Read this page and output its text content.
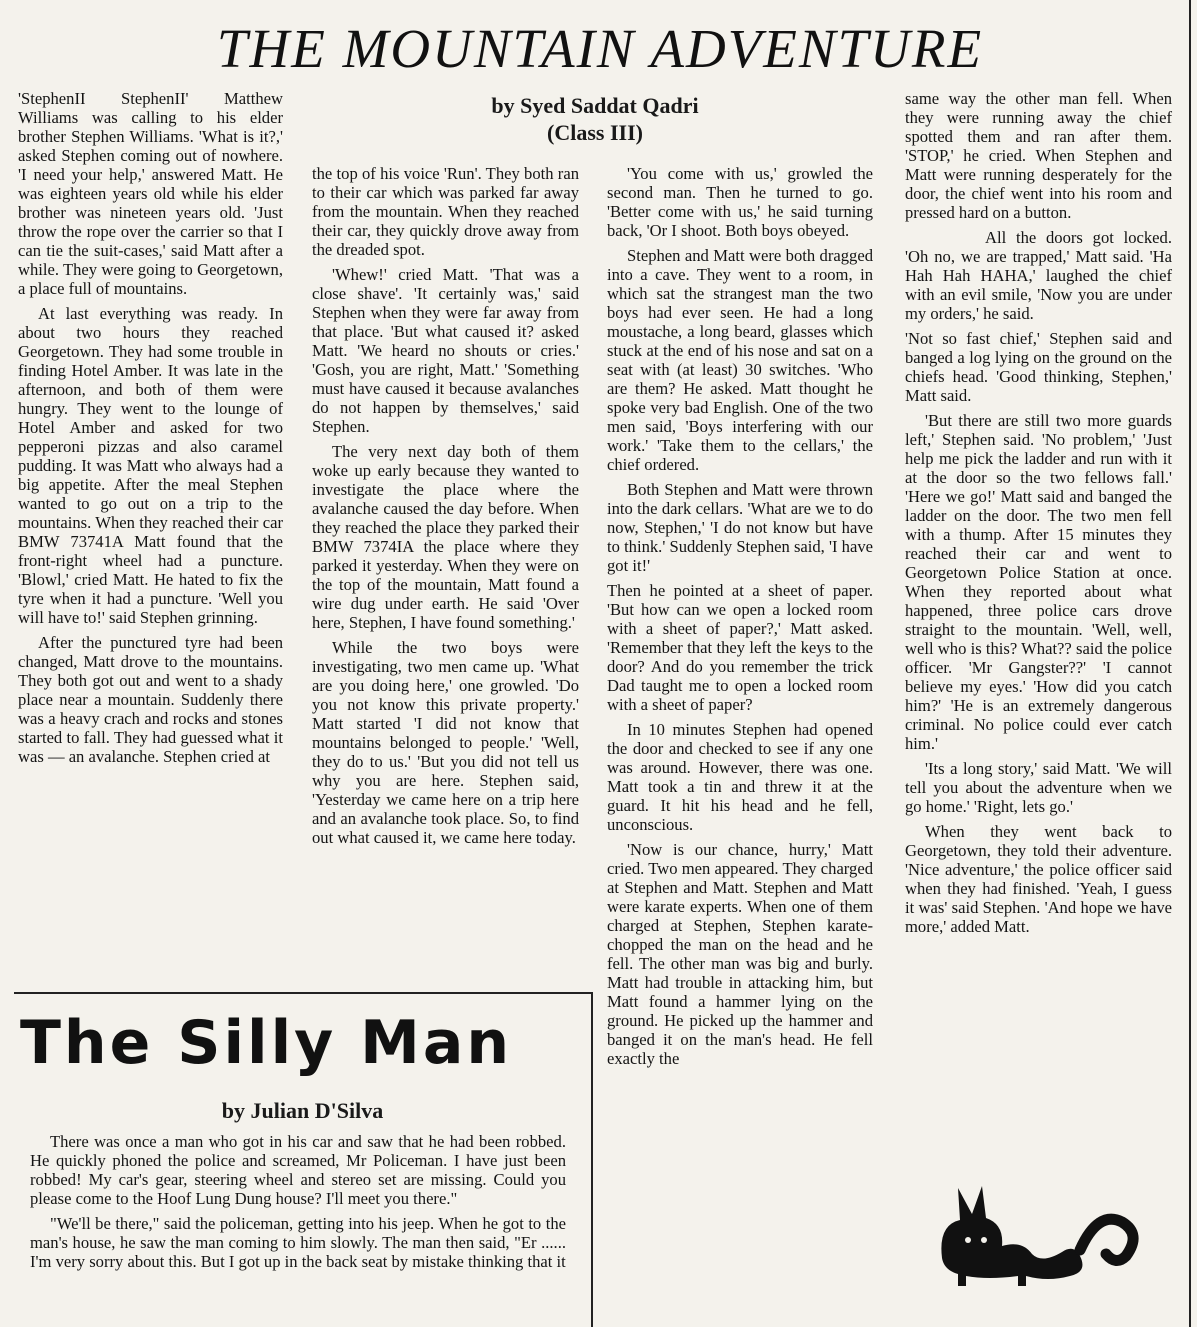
THE MOUNTAIN ADVENTURE
by Syed Saddat Qadri
(Class III)

'StephenII StephenII' Matthew Williams was calling to his elder brother Stephen Williams. 'What is it?,' asked Stephen coming out of nowhere. 'I need your help,' answered Matt. He was eighteen years old while his elder brother was nineteen years old. 'Just throw the rope over the carrier so that I can tie the suit-cases,' said Matt after a while. They were going to Georgetown, a place full of mountains.

At last everything was ready. In about two hours they reached Georgetown. They had some trouble in finding Hotel Amber. It was late in the afternoon, and both of them were hungry. They went to the lounge of Hotel Amber and asked for two pepperoni pizzas and also caramel pudding. It was Matt who always had a big appetite. After the meal Stephen wanted to go out on a trip to the mountains. When they reached their car BMW 73741A Matt found that the front-right wheel had a puncture. 'Blowl,' cried Matt. He hated to fix the tyre when it had a puncture. 'Well you will have to!' said Stephen grinning.

After the punctured tyre had been changed, Matt drove to the mountains. They both got out and went to a shady place near a mountain. Suddenly there was a heavy crach and rocks and stones started to fall. They had guessed what it was — an avalanche. Stephen cried at

the top of his voice 'Run'. They both ran to their car which was parked far away from the mountain. When they reached their car, they quickly drove away from the dreaded spot.

'Whew!' cried Matt. 'That was a close shave'. 'It certainly was,' said Stephen when they were far away from that place. 'But what caused it? asked Matt. 'We heard no shouts or cries.' 'Gosh, you are right, Matt.' 'Something must have caused it because avalanches do not happen by themselves,' said Stephen.

The very next day both of them woke up early because they wanted to investigate the place where the avalanche caused the day before. When they reached the place they parked their BMW 7374IA the place where they parked it yesterday. When they were on the top of the mountain, Matt found a wire dug under earth. He said 'Over here, Stephen, I have found something.'

While the two boys were investigating, two men came up. 'What are you doing here,' one growled. 'Do you not know this private property.' Matt started 'I did not know that mountains belonged to people.' 'Well, they do to us.' 'But you did not tell us why you are here. Stephen said, 'Yesterday we came here on a trip here and an avalanche took place. So, to find out what caused it, we came here today.

'You come with us,' growled the second man. Then he turned to go. 'Better come with us,' he said turning back, 'Or I shoot. Both boys obeyed.

Stephen and Matt were both dragged into a cave. They went to a room, in which sat the strangest man the two boys had ever seen. He had a long moustache, a long beard, glasses which stuck at the end of his nose and sat on a seat with (at least) 30 switches. 'Who are them? He asked. Matt thought he spoke very bad English. One of the two men said, 'Boys interfering with our work.' 'Take them to the cellars,' the chief ordered.

Both Stephen and Matt were thrown into the dark cellars. 'What are we to do now, Stephen,' 'I do not know but have to think.' Suddenly Stephen said, 'I have got it!'

Then he pointed at a sheet of paper. 'But how can we open a locked room with a sheet of paper?,' Matt asked. 'Remember that they left the keys to the door? And do you remember the trick Dad taught me to open a locked room with a sheet of paper?

In 10 minutes Stephen had opened the door and checked to see if any one was around. However, there was one. Matt took a tin and threw it at the guard. It hit his head and he fell, unconscious.

'Now is our chance, hurry,' Matt cried. Two men appeared. They charged at Stephen and Matt. Stephen and Matt were karate experts. When one of them charged at Stephen, Stephen karate-chopped the man on the head and he fell. The other man was big and burly. Matt had trouble in attacking him, but Matt found a hammer lying on the ground. He picked up the hammer and banged it on the man's head. He fell exactly the

same way the other man fell. When they were running away the chief spotted them and ran after them. 'STOP,' he cried. When Stephen and Matt were running desperately for the door, the chief went into his room and pressed hard on a button.

All the doors got locked. 'Oh no, we are trapped,' Matt said. 'Ha Hah Hah HAHA,' laughed the chief with an evil smile, 'Now you are under my orders,' he said.

'Not so fast chief,' Stephen said and banged a log lying on the ground on the chiefs head. 'Good thinking, Stephen,' Matt said.

'But there are still two more guards left,' Stephen said. 'No problem,' 'Just help me pick the ladder and run with it at the door so the two fellows fall.' 'Here we go!' Matt said and banged the ladder on the door. The two men fell with a thump. After 15 minutes they reached their car and went to Georgetown Police Station at once. When they reported about what happened, three police cars drove straight to the mountain. 'Well, well, well who is this? What?? said the police officer. 'Mr Gangster??' 'I cannot believe my eyes.' 'How did you catch him?' 'He is an extremely dangerous criminal. No police could ever catch him.'

'Its a long story,' said Matt. 'We will tell you about the adventure when we go home.' 'Right, lets go.'

When they went back to Georgetown, they told their adventure. 'Nice adventure,' the police officer said when they had finished. 'Yeah, I guess it was' said Stephen. 'And hope we have more,' added Matt.

The Silly Man
by Julian D'Silva

There was once a man who got in his car and saw that he had been robbed. He quickly phoned the police and screamed, Mr Policeman. I have just been robbed! My car's gear, steering wheel and stereo set are missing. Could you please come to the Hoof Lung Dung house? I'll meet you there."

"We'll be there," said the policeman, getting into his jeep. When he got to the man's house, he saw the man coming to him slowly. The man then said, "Er ...... I'm very sorry about this. But I got up in the back seat by mistake thinking that it
